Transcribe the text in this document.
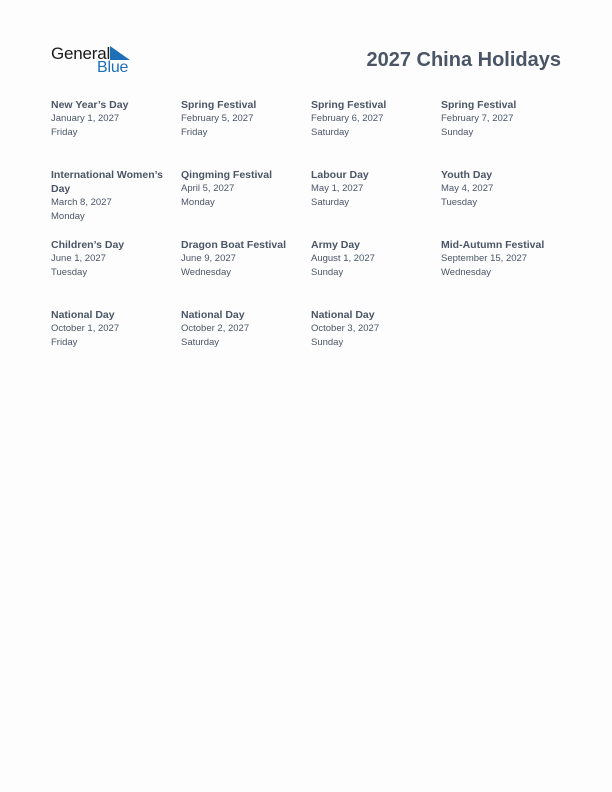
General
Blue	2027 China Holidays
New Year’s Day
January 1, 2027
Friday
Spring Festival
February 5, 2027
Friday
Spring Festival
February 6, 2027
Saturday
Spring Festival
February 7, 2027
Sunday
International Women’s Day
March 8, 2027
Monday
Qingming Festival
April 5, 2027
Monday
Labour Day
May 1, 2027
Saturday
Youth Day
May 4, 2027
Tuesday
Children’s Day
June 1, 2027
Tuesday
Dragon Boat Festival
June 9, 2027
Wednesday
Army Day
August 1, 2027
Sunday
Mid-Autumn Festival
September 15, 2027
Wednesday
National Day
October 1, 2027
Friday
National Day
October 2, 2027
Saturday
National Day
October 3, 2027
Sunday
